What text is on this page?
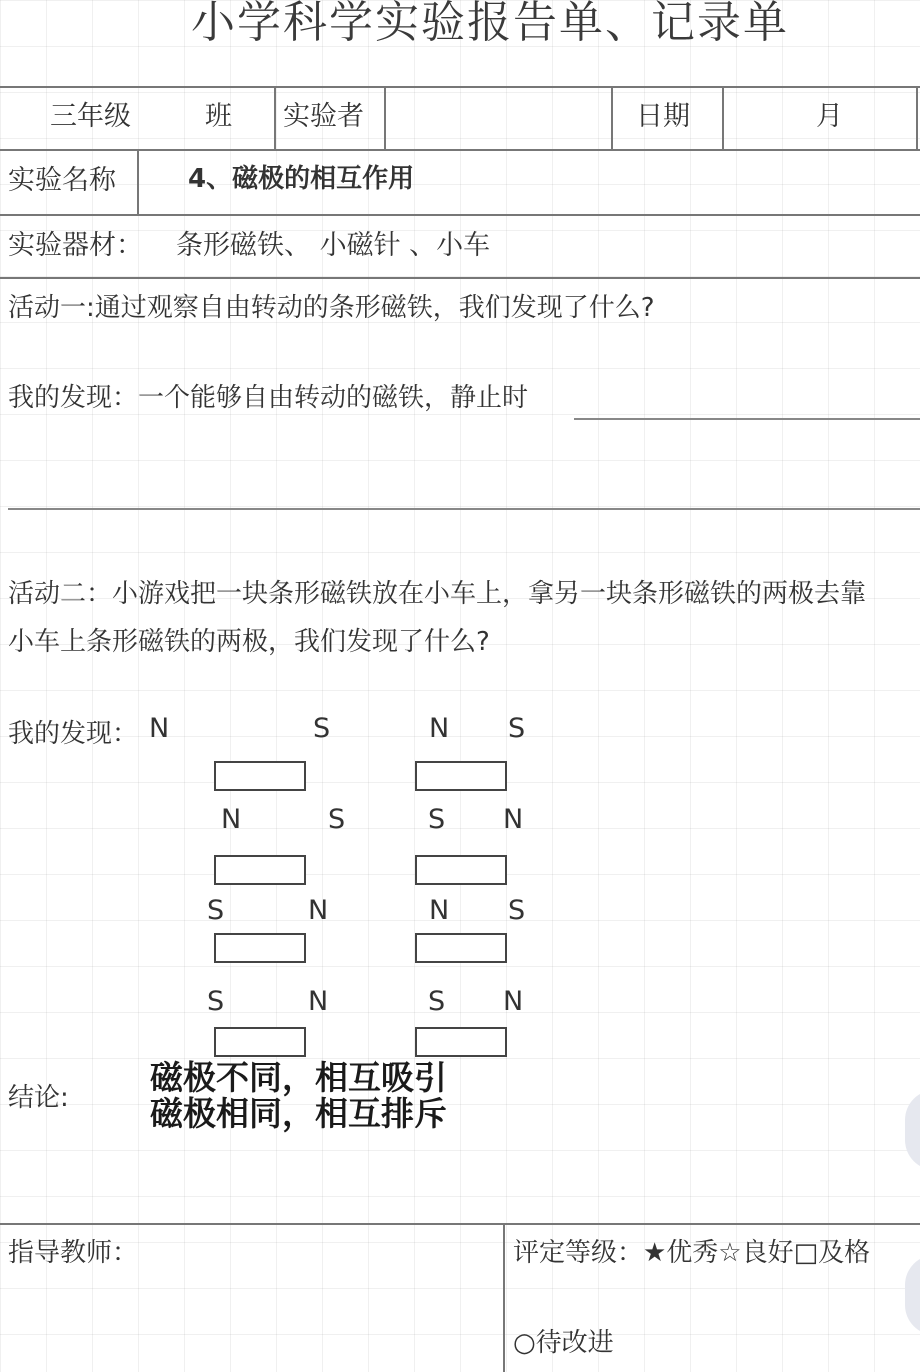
小学科学实验报告单、记录单
三年级	班 实验者	日期	月
实验名称	4、磁极的相互作用
实验器材： 条形磁铁、 小磁针 、小车
活动一:通过观察自由转动的条形磁铁，我们发现了什么?
我的发现：一个能够自由转动的磁铁，静止时
活动二：小游戏把一块条形磁铁放在小车上，拿另一块条形磁铁的两极去靠
小车上条形磁铁的两极，我们发现了什么?
我的发现： N	S	N S
N	S	S N
S	N	N S
S	N	S N
结论:
磁极不同，相互吸引
磁极相同，相互排斥
指导教师：	评定等级：★优秀☆良好□及格
○待改进
